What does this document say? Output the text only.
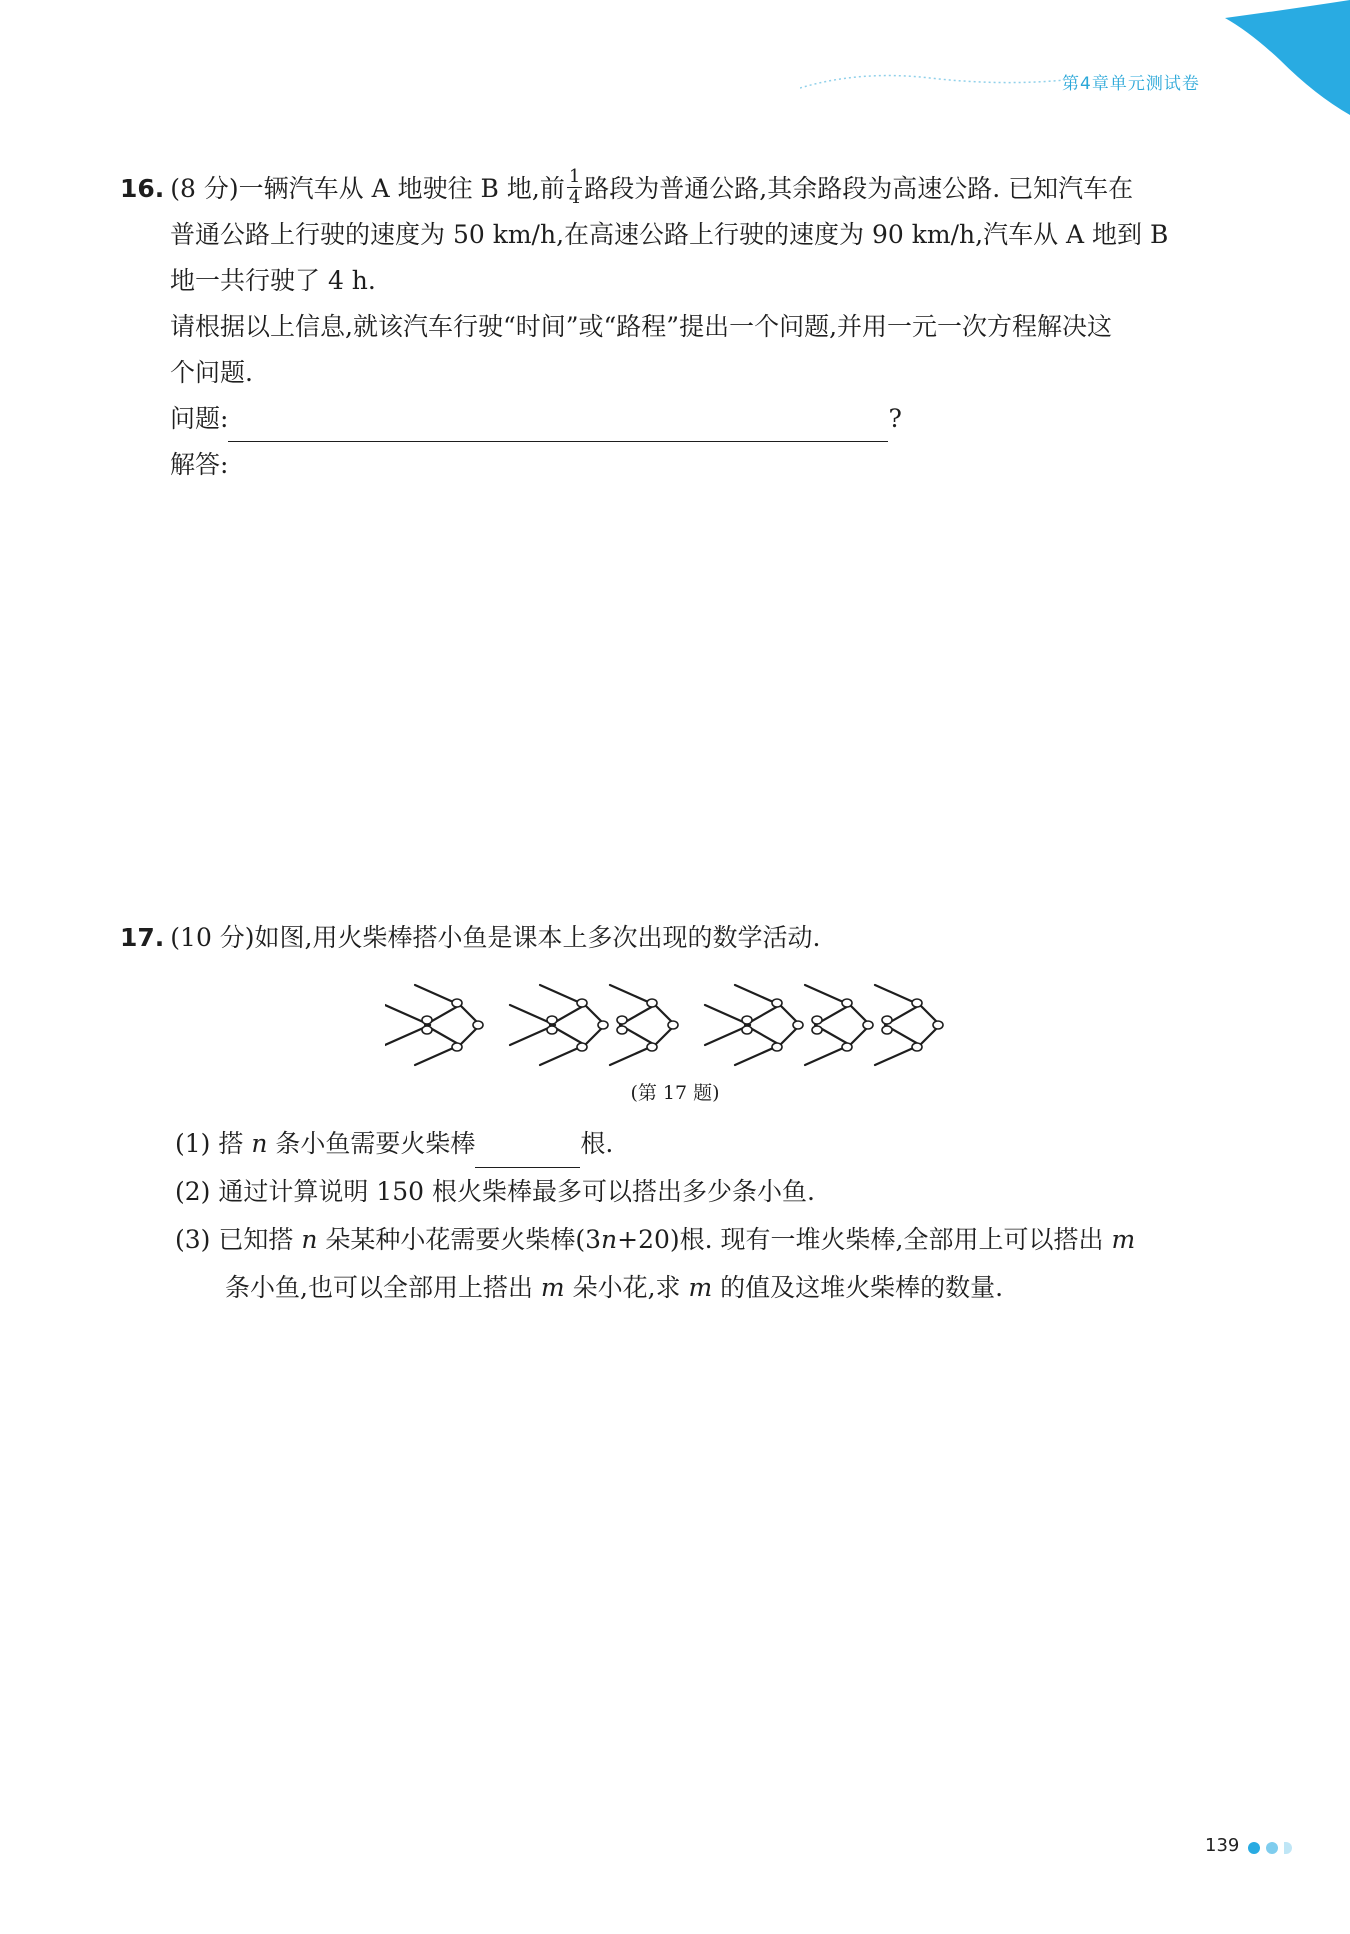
第4章单元测试卷
16. (8 分)一辆汽车从 A 地驶往 B 地,前 $\frac{1}{4}$ 路段为普通公路,其余路段为高速公路. 已知汽车在
普通公路上行驶的速度为 50 km/h,在高速公路上行驶的速度为 90 km/h,汽车从 A 地到 B
地一共行驶了 4 h.
请根据以上信息,就该汽车行驶“时间”或“路程”提出一个问题,并用一元一次方程解决这
个问题.
问题:	?
解答:
17. (10 分)如图,用火柴棒搭小鱼是课本上多次出现的数学活动.
(第 17 题)
(1) 搭 n 条小鱼需要火柴棒	根.
(2) 通过计算说明 150 根火柴棒最多可以搭出多少条小鱼.
(3) 已知搭 n 朵某种小花需要火柴棒(3n+20)根. 现有一堆火柴棒,全部用上可以搭出 m
条小鱼,也可以全部用上搭出 m 朵小花,求 m 的值及这堆火柴棒的数量.
139
